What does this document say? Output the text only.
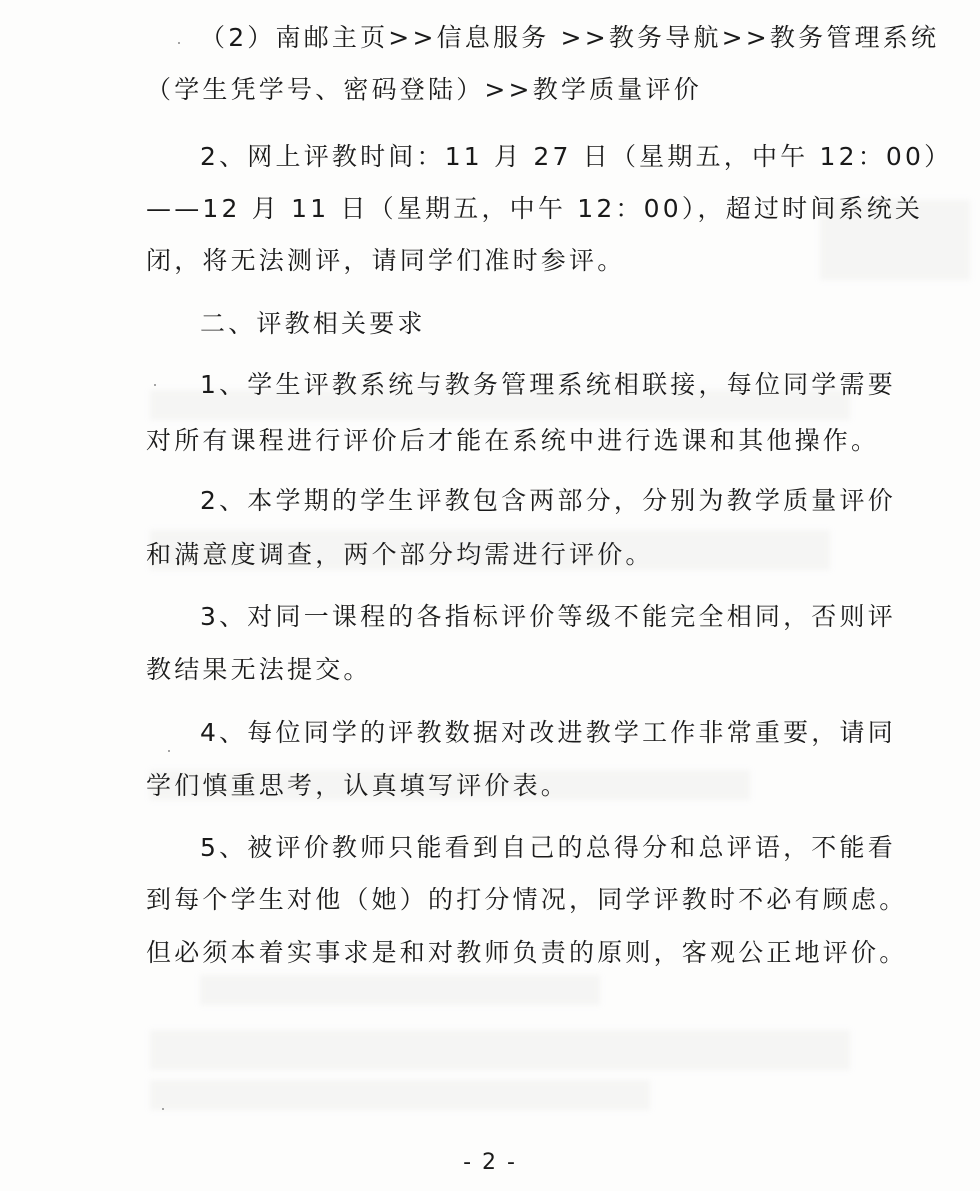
（2）南邮主页>>信息服务 >>教务导航>>教务管理系统
（学生凭学号、密码登陆）>>教学质量评价
2、网上评教时间：11 月 27 日（星期五，中午 12：00）
——12 月 11 日（星期五，中午 12：00），超过时间系统关
闭，将无法测评，请同学们准时参评。
二、评教相关要求
1、学生评教系统与教务管理系统相联接，每位同学需要
对所有课程进行评价后才能在系统中进行选课和其他操作。
2、本学期的学生评教包含两部分，分别为教学质量评价
和满意度调查，两个部分均需进行评价。
3、对同一课程的各指标评价等级不能完全相同，否则评
教结果无法提交。
4、每位同学的评教数据对改进教学工作非常重要，请同
学们慎重思考，认真填写评价表。
5、被评价教师只能看到自己的总得分和总评语，不能看
到每个学生对他（她）的打分情况，同学评教时不必有顾虑。
但必须本着实事求是和对教师负责的原则，客观公正地评价。
- 2 -
